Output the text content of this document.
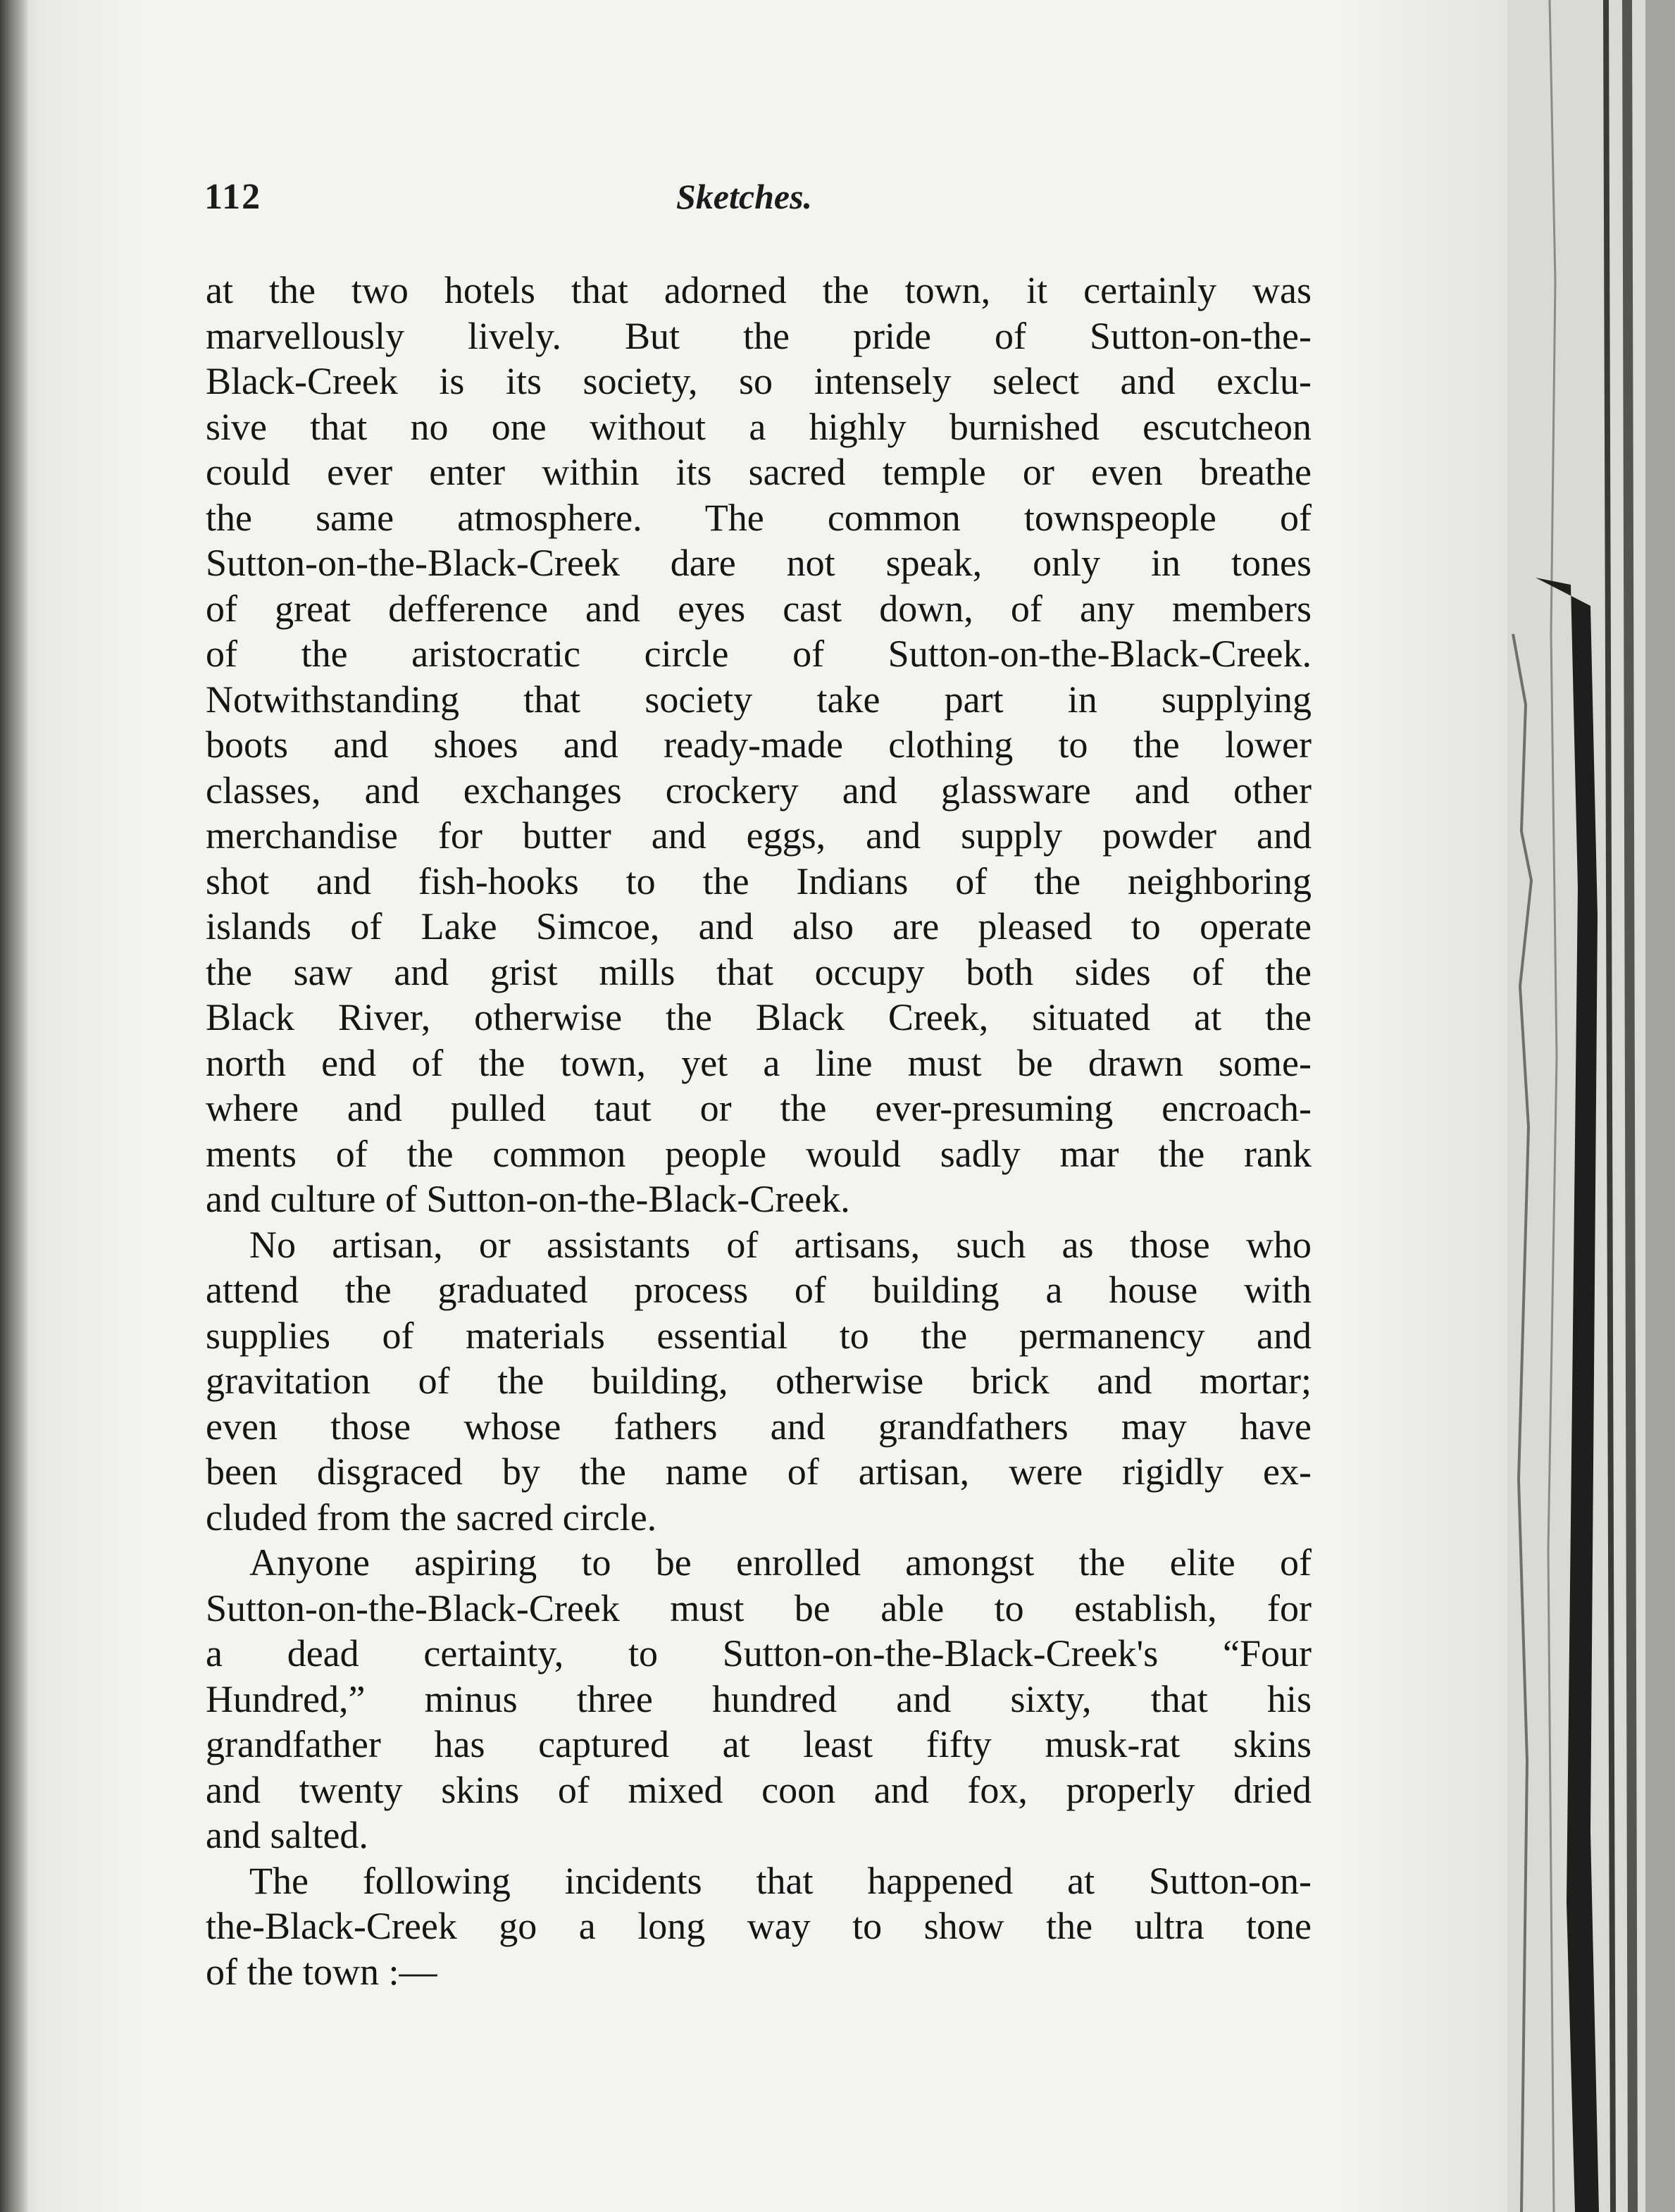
112	Sketches.

at the two hotels that adorned the town, it certainly was
marvellously lively. But the pride of Sutton-on-the-
Black-Creek is its society, so intensely select and exclu-
sive that no one without a highly burnished escutcheon
could ever enter within its sacred temple or even breathe
the same atmosphere. The common townspeople of
Sutton-on-the-Black-Creek dare not speak, only in tones
of great defference and eyes cast down, of any members
of the aristocratic circle of Sutton-on-the-Black-Creek.
Notwithstanding that society take part in supplying
boots and shoes and ready-made clothing to the lower
classes, and exchanges crockery and glassware and other
merchandise for butter and eggs, and supply powder and
shot and fish-hooks to the Indians of the neighboring
islands of Lake Simcoe, and also are pleased to operate
the saw and grist mills that occupy both sides of the
Black River, otherwise the Black Creek, situated at the
north end of the town, yet a line must be drawn some-
where and pulled taut or the ever-presuming encroach-
ments of the common people would sadly mar the rank
and culture of Sutton-on-the-Black-Creek.

No artisan, or assistants of artisans, such as those who
attend the graduated process of building a house with
supplies of materials essential to the permanency and
gravitation of the building, otherwise brick and mortar;
even those whose fathers and grandfathers may have
been disgraced by the name of artisan, were rigidly ex-
cluded from the sacred circle.

Anyone aspiring to be enrolled amongst the elite of
Sutton-on-the-Black-Creek must be able to establish, for
a dead certainty, to Sutton-on-the-Black-Creek's “Four
Hundred,” minus three hundred and sixty, that his
grandfather has captured at least fifty musk-rat skins
and twenty skins of mixed coon and fox, properly dried
and salted.

The following incidents that happened at Sutton-on-
the-Black-Creek go a long way to show the ultra tone
of the town :—
